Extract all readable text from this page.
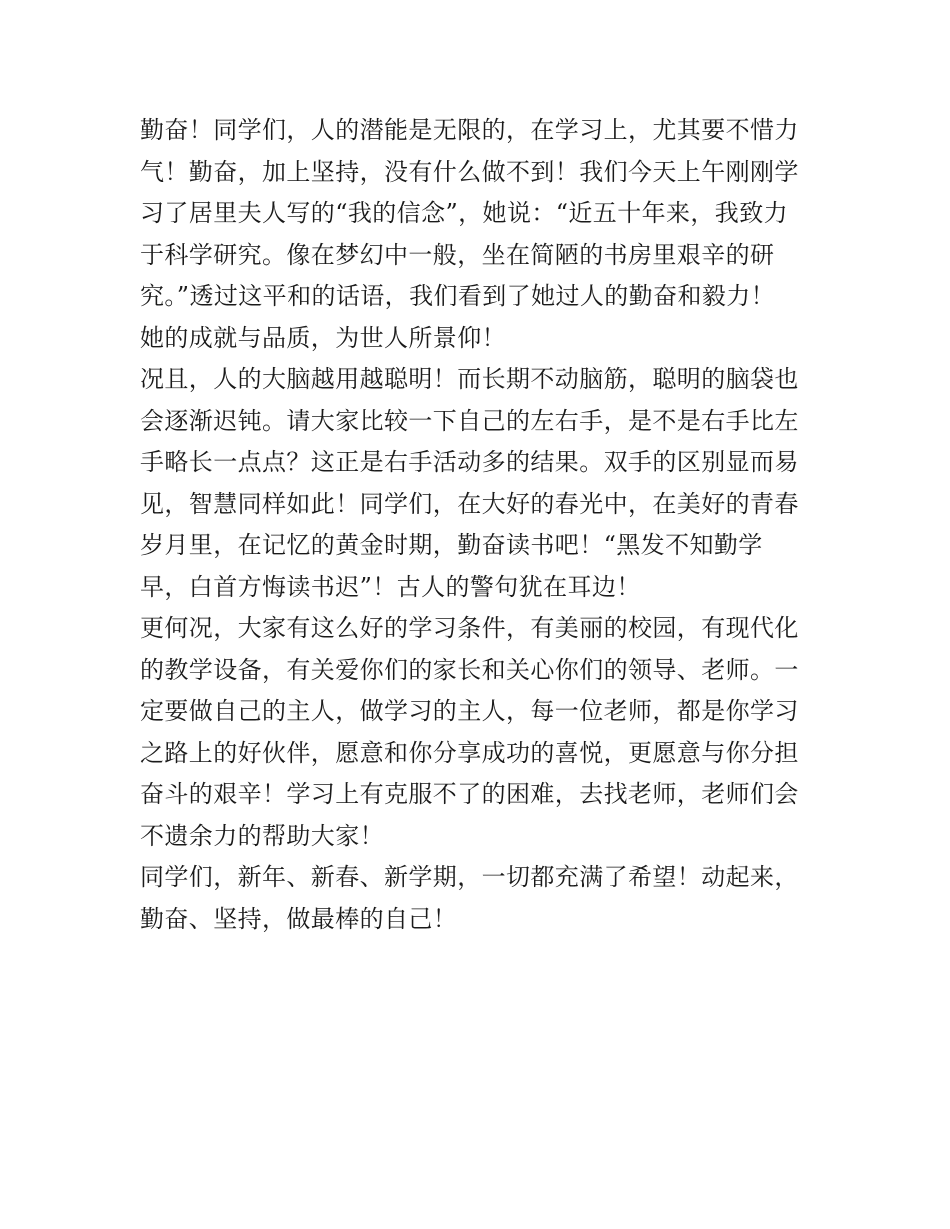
勤奋！同学们，人的潜能是无限的，在学习上，尤其要不惜力
气！勤奋，加上坚持，没有什么做不到！我们今天上午刚刚学
习了居里夫人写的“我的信念”，她说：“近五十年来，我致力
于科学研究。像在梦幻中一般，坐在简陋的书房里艰辛的研
究。”透过这平和的话语，我们看到了她过人的勤奋和毅力！
她的成就与品质，为世人所景仰！

况且，人的大脑越用越聪明！而长期不动脑筋，聪明的脑袋也
会逐渐迟钝。请大家比较一下自己的左右手，是不是右手比左
手略长一点点？这正是右手活动多的结果。双手的区别显而易
见，智慧同样如此！同学们，在大好的春光中，在美好的青春
岁月里，在记忆的黄金时期，勤奋读书吧！“黑发不知勤学
早，白首方悔读书迟”！古人的警句犹在耳边！

更何况，大家有这么好的学习条件，有美丽的校园，有现代化
的教学设备，有关爱你们的家长和关心你们的领导、老师。一
定要做自己的主人，做学习的主人，每一位老师，都是你学习
之路上的好伙伴，愿意和你分享成功的喜悦，更愿意与你分担
奋斗的艰辛！学习上有克服不了的困难，去找老师，老师们会
不遗余力的帮助大家！

同学们，新年、新春、新学期，一切都充满了希望！动起来，
勤奋、坚持，做最棒的自己！
